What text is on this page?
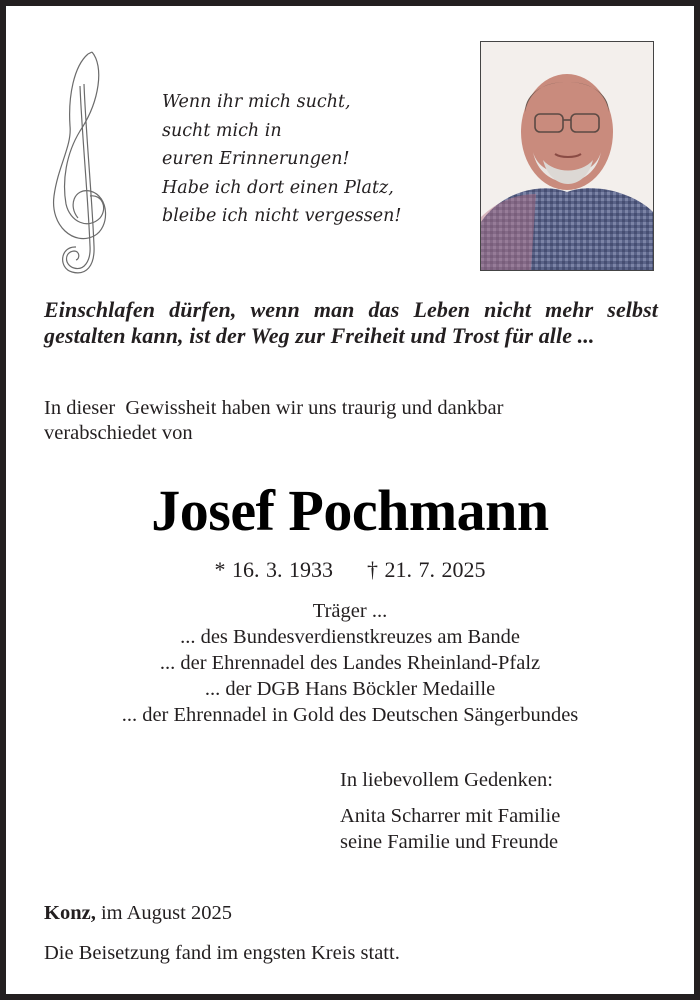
Wenn ihr mich sucht,
sucht mich in
euren Erinnerungen!
Habe ich dort einen Platz,
bleibe ich nicht vergessen!
Einschlafen dürfen, wenn man das Leben nicht mehr selbst gestalten kann, ist der Weg zur Freiheit und Trost für alle ...
In dieser  Gewissheit haben wir uns traurig und dankbar
verabschiedet von
Josef Pochmann
* 16. 3. 1933 † 21. 7. 2025
Träger ...
... des Bundesverdienstkreuzes am Bande
... der Ehrennadel des Landes Rheinland-Pfalz
... der DGB Hans Böckler Medaille
... der Ehrennadel in Gold des Deutschen Sängerbundes
In liebevollem Gedenken:
Anita Scharrer mit Familie
seine Familie und Freunde
Konz, im August 2025
Die Beisetzung fand im engsten Kreis statt.
